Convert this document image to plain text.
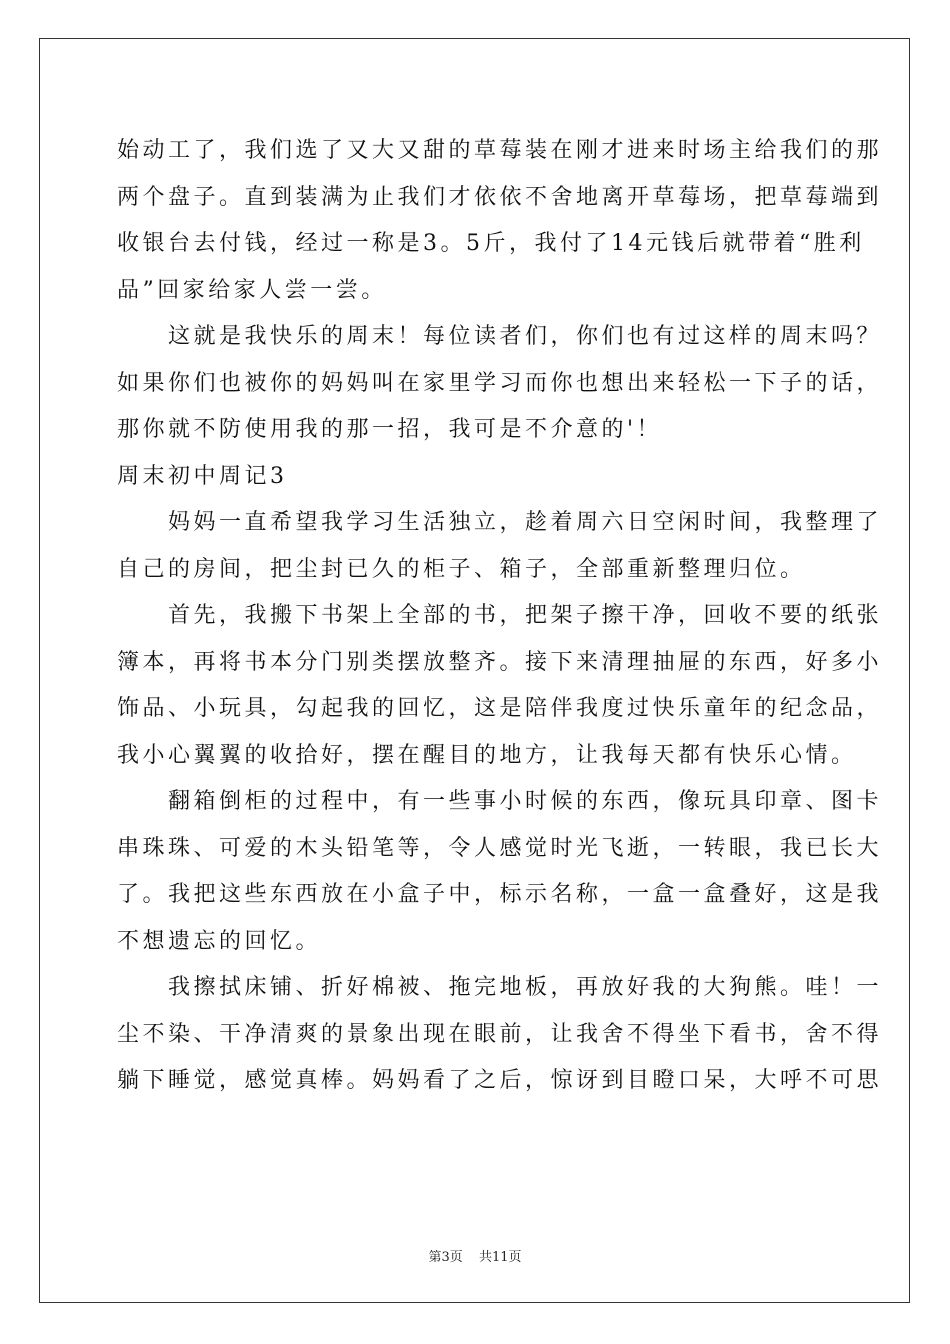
始动工了，我们选了又大又甜的草莓装在刚才进来时场主给我们的那
两个盘子。直到装满为止我们才依依不舍地离开草莓场，把草莓端到
收银台去付钱，经过一称是3。5斤，我付了14元钱后就带着“胜利
品”回家给家人尝一尝。
　　这就是我快乐的周末！每位读者们，你们也有过这样的周末吗？
如果你们也被你的妈妈叫在家里学习而你也想出来轻松一下子的话，
那你就不防使用我的那一招，我可是不介意的'！
周末初中周记3
　　妈妈一直希望我学习生活独立，趁着周六日空闲时间，我整理了
自己的房间，把尘封已久的柜子、箱子，全部重新整理归位。
　　首先，我搬下书架上全部的书，把架子擦干净，回收不要的纸张
簿本，再将书本分门别类摆放整齐。接下来清理抽屉的东西，好多小
饰品、小玩具，勾起我的回忆，这是陪伴我度过快乐童年的纪念品，
我小心翼翼的收拾好，摆在醒目的地方，让我每天都有快乐心情。
　　翻箱倒柜的过程中，有一些事小时候的东西，像玩具印章、图卡
串珠珠、可爱的木头铅笔等，令人感觉时光飞逝，一转眼，我已长大
了。我把这些东西放在小盒子中，标示名称，一盒一盒叠好，这是我
不想遗忘的回忆。
　　我擦拭床铺、折好棉被、拖完地板，再放好我的大狗熊。哇！一
尘不染、干净清爽的景象出现在眼前，让我舍不得坐下看书，舍不得
躺下睡觉，感觉真棒。妈妈看了之后，惊讶到目瞪口呆，大呼不可思
第3页 共11页
